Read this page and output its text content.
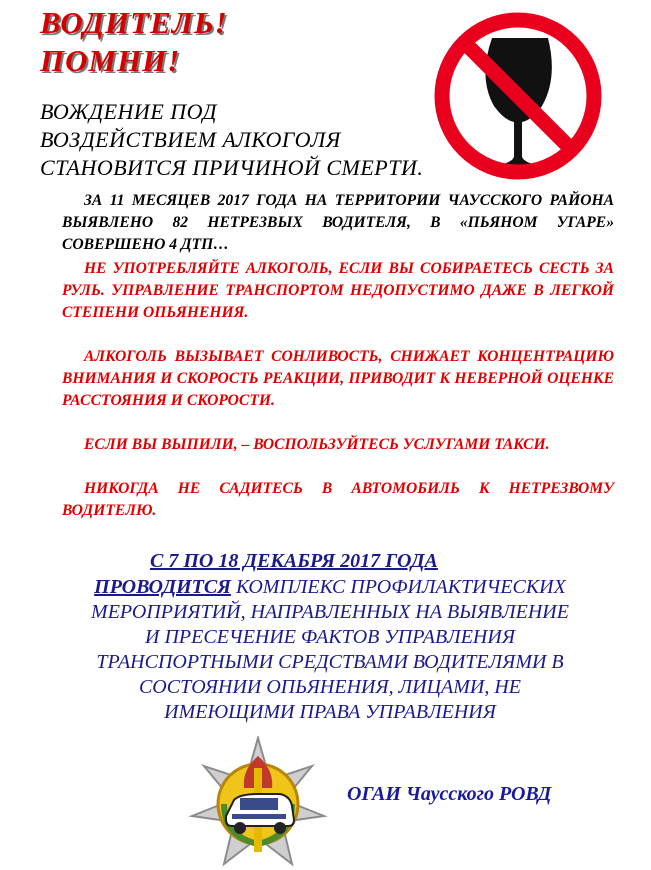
ВОДИТЕЛЬ!
ПОМНИ!
ВОЖДЕНИЕ ПОД
ВОЗДЕЙСТВИЕМ АЛКОГОЛЯ
СТАНОВИТСЯ ПРИЧИНОЙ СМЕРТИ.
ЗА 11 МЕСЯЦЕВ 2017 ГОДА НА ТЕРРИТОРИИ ЧАУССКОГО РАЙОНА ВЫЯВЛЕНО 82 НЕТРЕЗВЫХ ВОДИТЕЛЯ, В «ПЬЯНОМ УГАРЕ» СОВЕРШЕНО 4 ДТП…
НЕ УПОТРЕБЛЯЙТЕ АЛКОГОЛЬ, ЕСЛИ ВЫ СОБИРАЕТЕСЬ СЕСТЬ ЗА РУЛЬ. УПРАВЛЕНИЕ ТРАНСПОРТОМ НЕДОПУСТИМО ДАЖЕ В ЛЕГКОЙ СТЕПЕНИ ОПЬЯНЕНИЯ.
АЛКОГОЛЬ ВЫЗЫВАЕТ СОНЛИВОСТЬ, СНИЖАЕТ КОНЦЕНТРАЦИЮ ВНИМАНИЯ И СКОРОСТЬ РЕАКЦИИ, ПРИВОДИТ К НЕВЕРНОЙ ОЦЕНКЕ РАССТОЯНИЯ И СКОРОСТИ.
ЕСЛИ ВЫ ВЫПИЛИ, – ВОСПОЛЬЗУЙТЕСЬ УСЛУГАМИ ТАКСИ.
НИКОГДА НЕ САДИТЕСЬ В АВТОМОБИЛЬ К НЕТРЕЗВОМУ ВОДИТЕЛЮ.
С 7 ПО 18 ДЕКАБРЯ 2017 ГОДА
ПРОВОДИТСЯ КОМПЛЕКС ПРОФИЛАКТИЧЕСКИХ
МЕРОПРИЯТИЙ, НАПРАВЛЕННЫХ НА ВЫЯВЛЕНИЕ
И ПРЕСЕЧЕНИЕ ФАКТОВ УПРАВЛЕНИЯ
ТРАНСПОРТНЫМИ СРЕДСТВАМИ ВОДИТЕЛЯМИ В
СОСТОЯНИИ ОПЬЯНЕНИЯ, ЛИЦАМИ, НЕ
ИМЕЮЩИМИ ПРАВА УПРАВЛЕНИЯ
ОГАИ Чаусского РОВД
